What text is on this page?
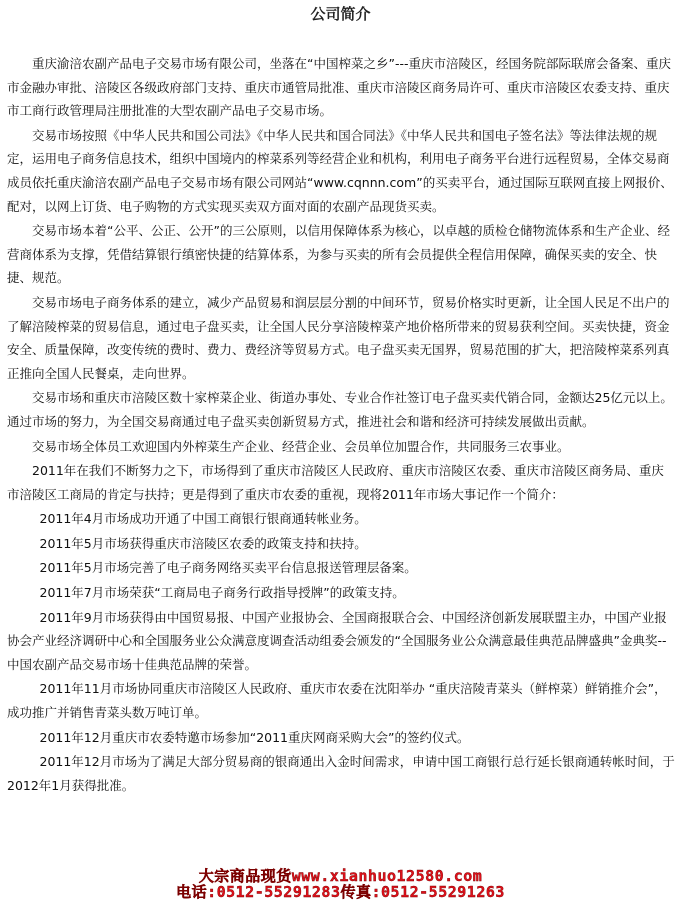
公司简介

重庆渝涪农副产品电子交易市场有限公司，坐落在“中国榨菜之乡”---重庆市涪陵区，经国务院部际联席会备案、重庆市金融办审批、涪陵区各级政府部门支持、重庆市通管局批准、重庆市涪陵区商务局许可、重庆市涪陵区农委支持、重庆市工商行政管理局注册批准的大型农副产品电子交易市场。

交易市场按照《中华人民共和国公司法》《中华人民共和国合同法》《中华人民共和国电子签名法》等法律法规的规定，运用电子商务信息技术，组织中国境内的榨菜系列等经营企业和机构，利用电子商务平台进行远程贸易，全体交易商成员依托重庆渝涪农副产品电子交易市场有限公司网站“www.cqnnn.com”的买卖平台，通过国际互联网直接上网报价、配对，以网上订货、电子购物的方式实现买卖双方面对面的农副产品现货买卖。

交易市场本着“公平、公正、公开”的三公原则，以信用保障体系为核心，以卓越的质检仓储物流体系和生产企业、经营商体系为支撑，凭借结算银行缜密快捷的结算体系，为参与买卖的所有会员提供全程信用保障，确保买卖的安全、快捷、规范。

交易市场电子商务体系的建立，减少产品贸易和润层层分割的中间环节，贸易价格实时更新，让全国人民足不出户的了解涪陵榨菜的贸易信息，通过电子盘买卖，让全国人民分享涪陵榨菜产地价格所带来的贸易获利空间。买卖快捷，资金安全、质量保障，改变传统的费时、费力、费经济等贸易方式。电子盘买卖无国界，贸易范围的扩大，把涪陵榨菜系列真正推向全国人民餐桌，走向世界。

交易市场和重庆市涪陵区数十家榨菜企业、街道办事处、专业合作社签订电子盘买卖代销合同，金额达25亿元以上。通过市场的努力，为全国交易商通过电子盘买卖创新贸易方式，推进社会和谐和经济可持续发展做出贡献。

交易市场全体员工欢迎国内外榨菜生产企业、经营企业、会员单位加盟合作，共同服务三农事业。

2011年在我们不断努力之下，市场得到了重庆市涪陵区人民政府、重庆市涪陵区农委、重庆市涪陵区商务局、重庆市涪陵区工商局的肯定与扶持；更是得到了重庆市农委的重视，现将2011年市场大事记作一个简介：

2011年4月市场成功开通了中国工商银行银商通转帐业务。

2011年5月市场获得重庆市涪陵区农委的政策支持和扶持。

2011年5月市场完善了电子商务网络买卖平台信息报送管理层备案。

2011年7月市场荣获“工商局电子商务行政指导授牌”的政策支持。

2011年9月市场获得由中国贸易报、中国产业报协会、全国商报联合会、中国经济创新发展联盟主办，中国产业报协会产业经济调研中心和全国服务业公众满意度调查活动组委会颁发的“全国服务业公众满意最佳典范品牌盛典”金典奖--中国农副产品交易市场十佳典范品牌的荣誉。

2011年11月市场协同重庆市涪陵区人民政府、重庆市农委在沈阳举办 “重庆涪陵青菜头（鲜榨菜）鲜销推介会”，成功推广并销售青菜头数万吨订单。

2011年12月重庆市农委特邀市场参加“2011重庆网商采购大会”的签约仪式。

2011年12月市场为了满足大部分贸易商的银商通出入金时间需求，申请中国工商银行总行延长银商通转帐时间，于2012年1月获得批准。

大宗商品现货www.xianhuo12580.com
电话:0512-55291283传真:0512-55291263
